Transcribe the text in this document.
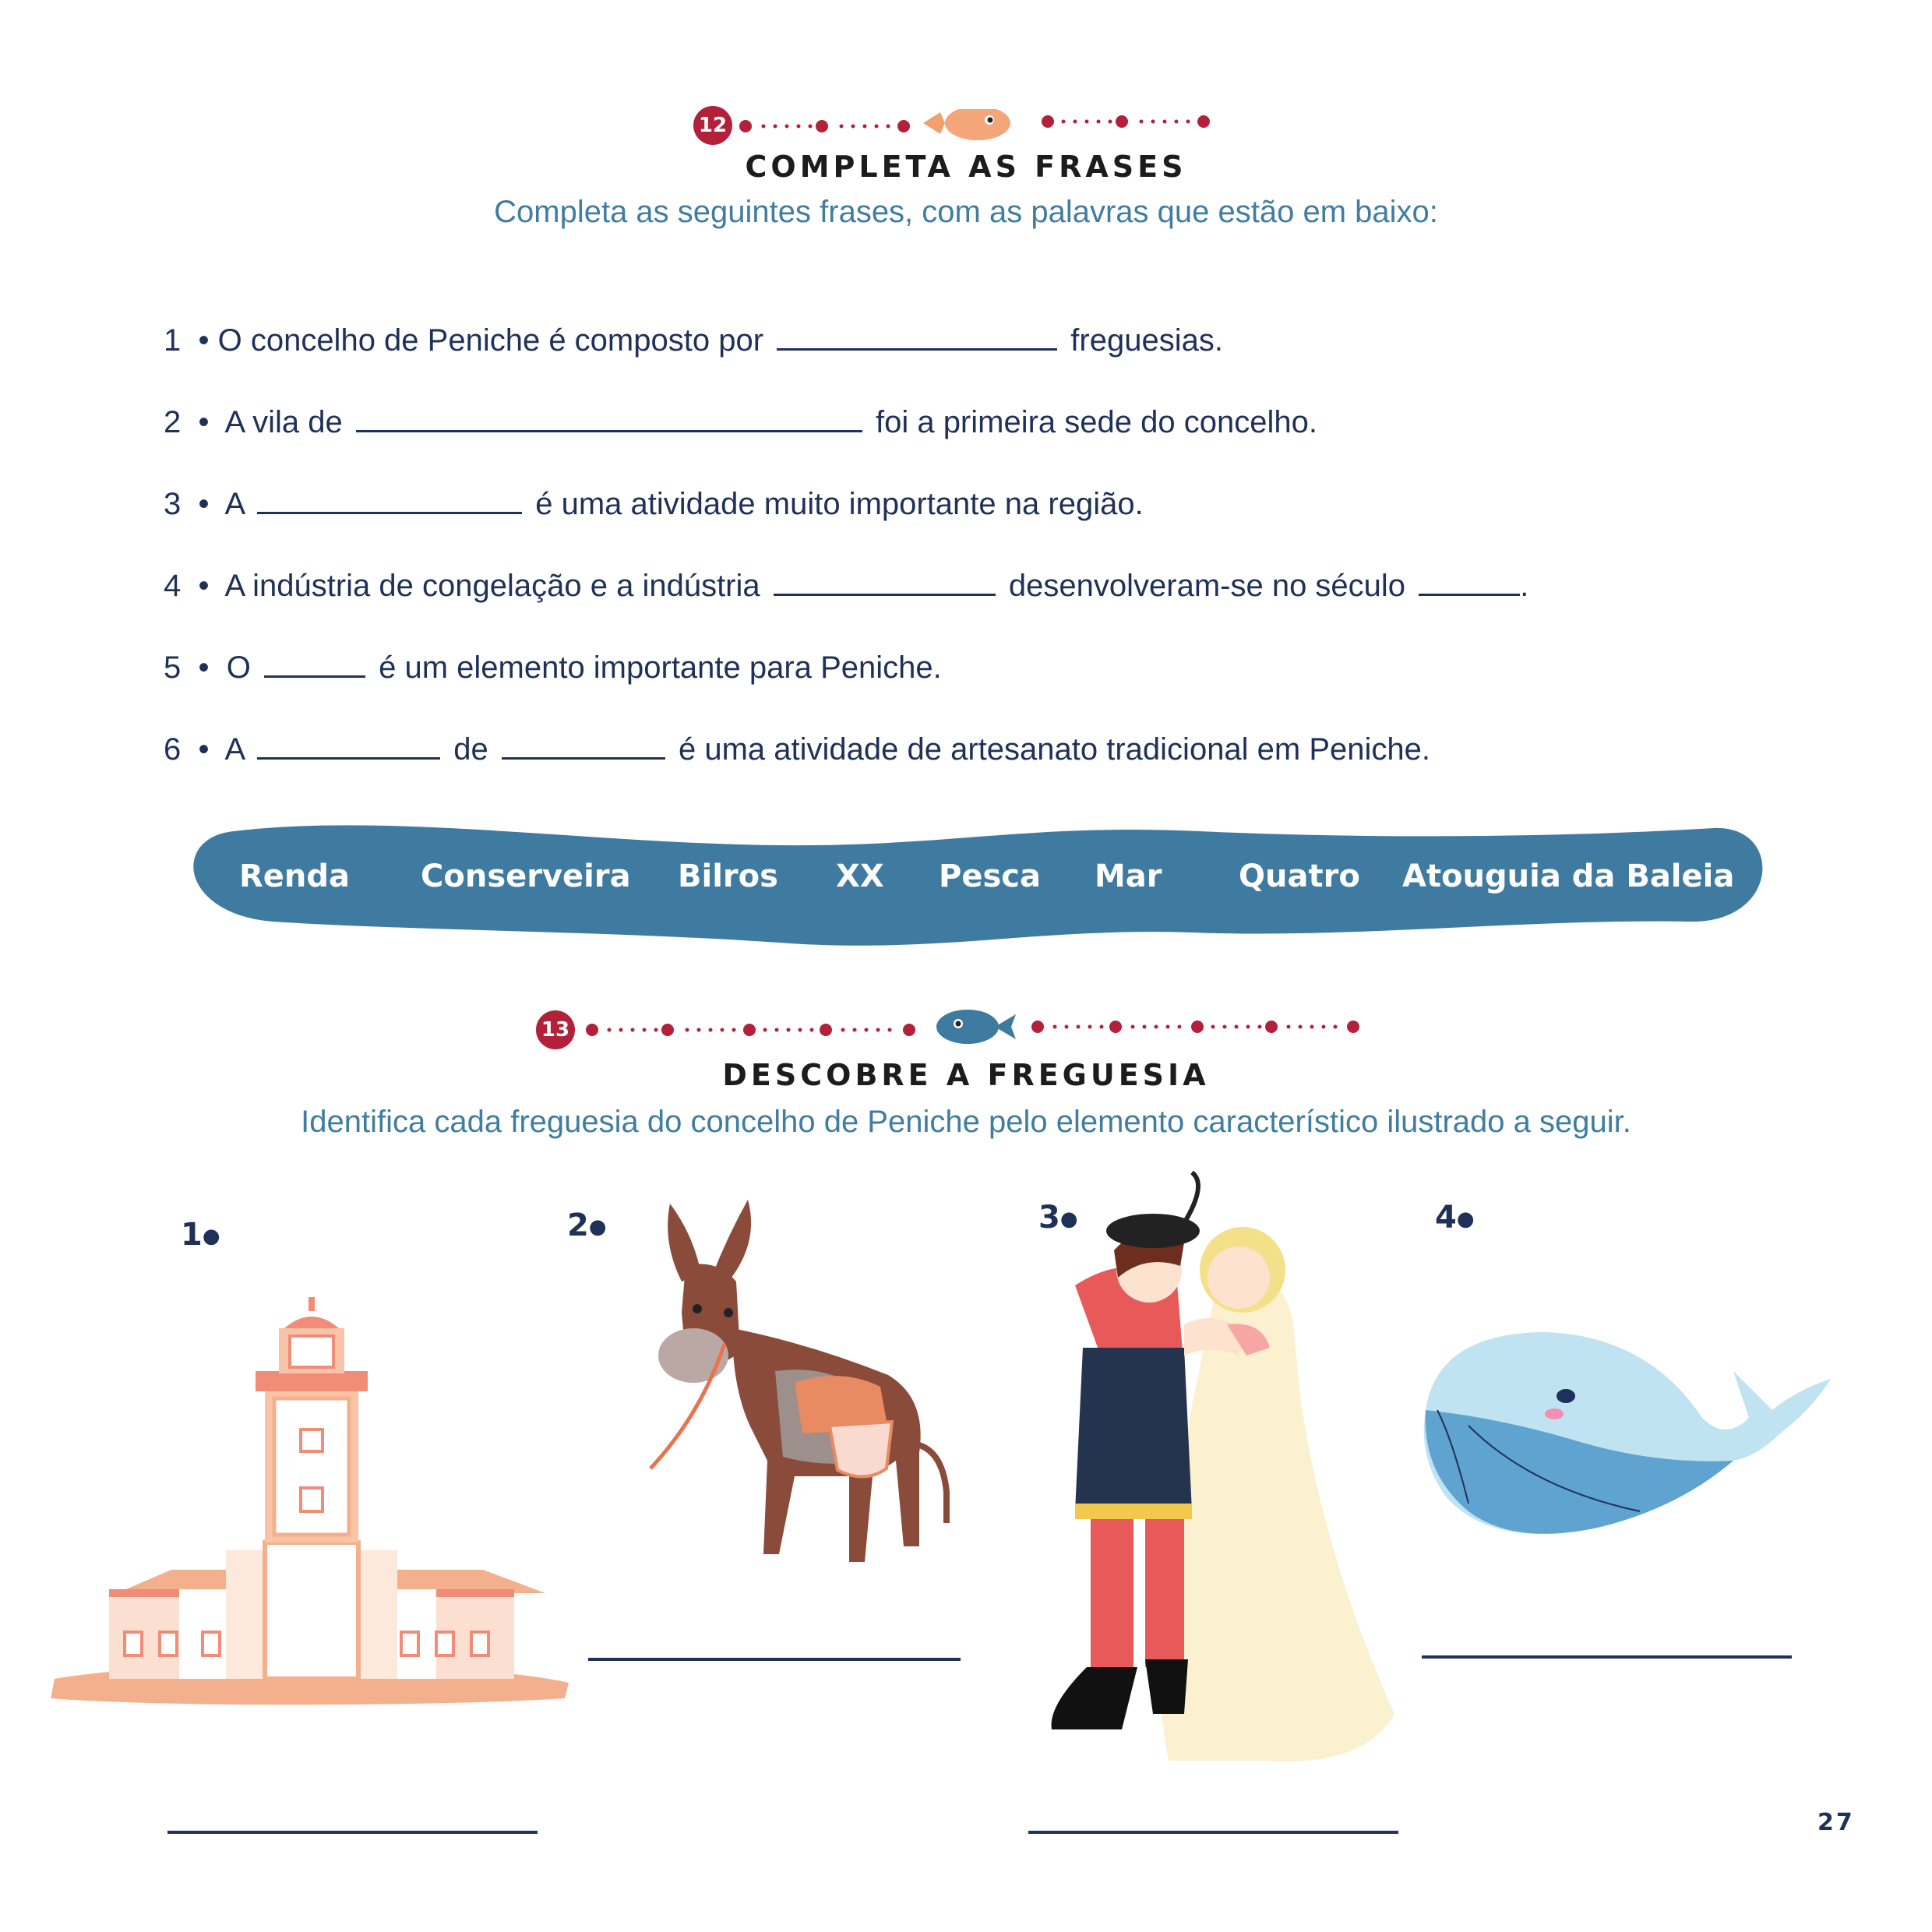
12
COMPLETA AS FRASES
Completa as seguintes frases, com as palavras que estão em baixo:
1  • O concelho de Peniche é composto por	freguesias.
2  •  A vila de	foi a primeira sede do concelho.
3  •  A	é uma atividade muito importante na região.
4  •  A indústria de congelação e a indústria	desenvolveram-se no século	.
5  •  O	é um elemento importante para Peniche.
6  •  A	de	é uma atividade de artesanato tradicional em Peniche.
Renda Conserveira Bilros XX Pesca Mar Quatro Atouguia da Baleia
13
DESCOBRE A FREGUESIA
Identifica cada freguesia do concelho de Peniche pelo elemento característico ilustrado a seguir.
1●	2●	3●	4●
27
